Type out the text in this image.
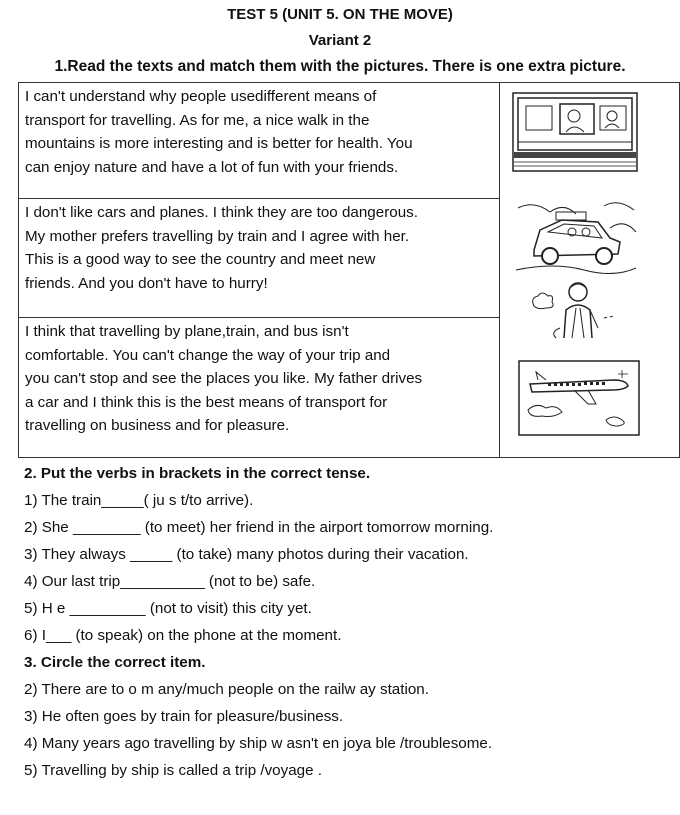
TEST 5 (UNIT 5. ON THE MOVE)
Variant 2
1.Read the texts and match them with the pictures. There is one extra picture.
I can't understand why people usedifferent means of
transport for travelling. As for me, a nice walk in the
mountains is more interesting and is better for health. You
can enjoy nature and have a lot of fun with your friends.

I don't like cars and planes. I think they are too dangerous.
My mother prefers travelling by train and I agree with her.
This is a good way to see the country and meet new
friends. And you don't have to hurry!

I think that travelling by plane,train, and bus isn't
comfortable. You can't change the way of your trip and
you can't stop and see the places you like. My father drives
a car and I think this is the best means of transport for
travelling on business and for pleasure.
2. Put the verbs in brackets in the correct tense.
1) The train_____( ju s t/to arrive).
2) She ________ (to meet) her friend in the airport tomorrow morning.
3) They always _____ (to take) many photos during their vacation.
4) Our last trip__________ (not to be) safe.
5) H e _________ (not to visit) this city yet.
6) I___ (to speak) on the phone at the moment.
3. Circle the correct item.
2) There are to o m any/much people on the railw ay station.
3) He often goes by train for pleasure/business.
4) Many years ago travelling by ship w asn't en joya ble /troublesome.
5) Travelling by ship is called a trip /voyage .
